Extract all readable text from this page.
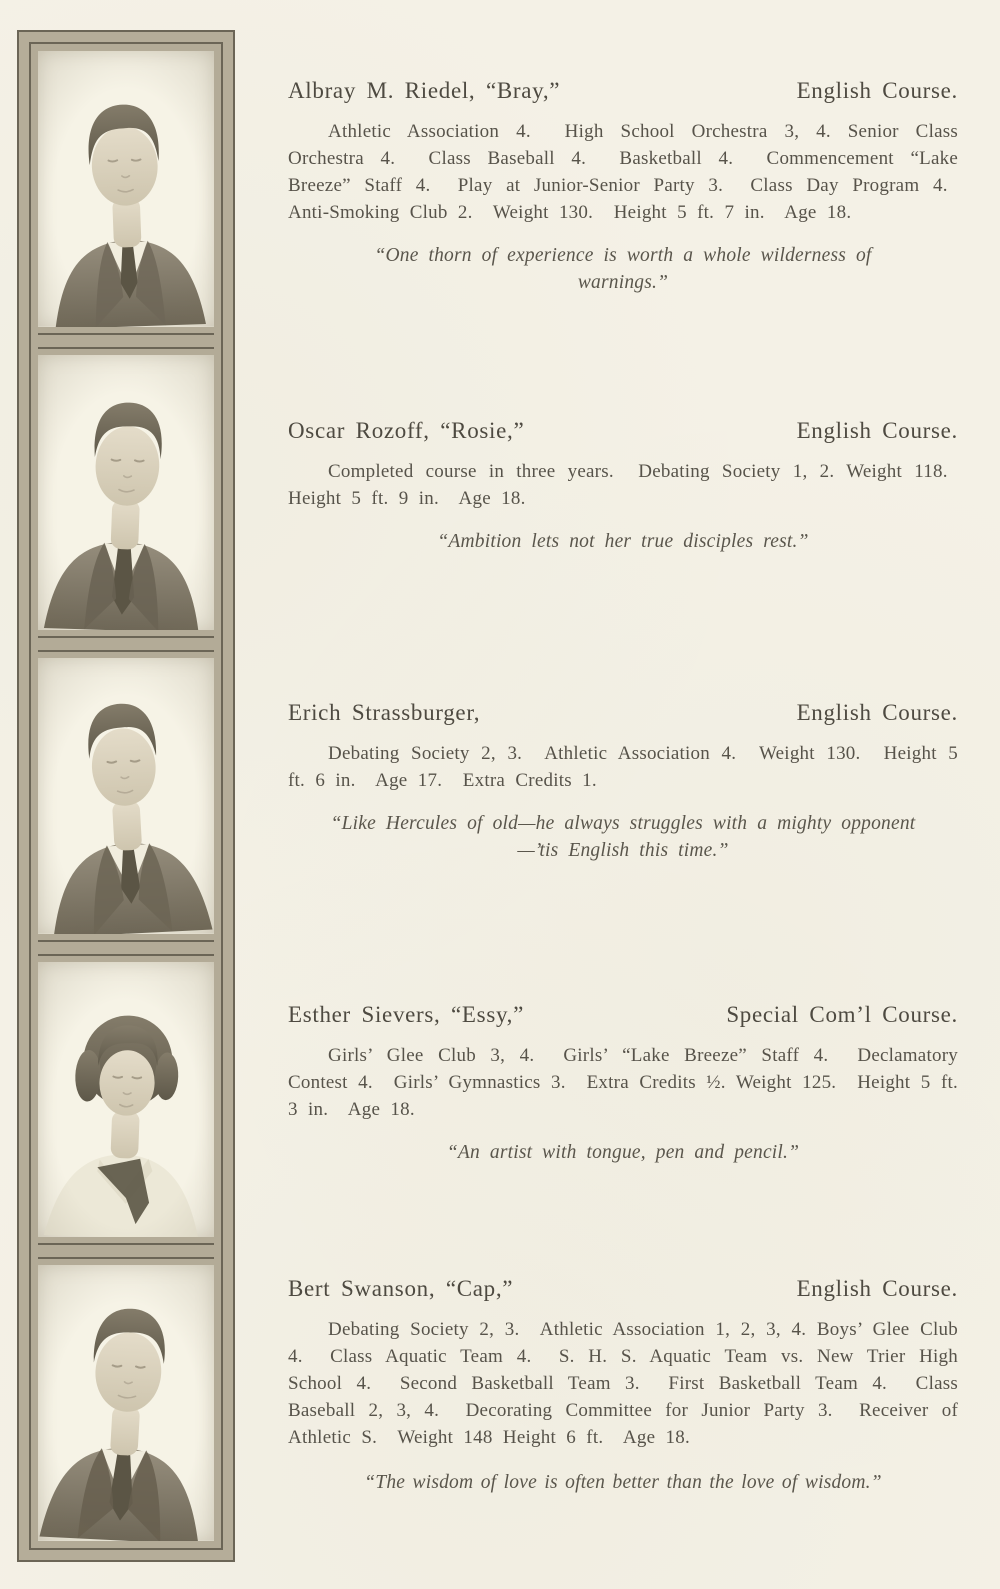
Albray M. Riedel, “Bray,”	English Course.

Athletic Association 4.  High School Orchestra 3, 4. Senior Class Orchestra 4.  Class Baseball 4.  Basketball 4.  Commencement “Lake Breeze” Staff 4.  Play at Junior-Senior Party 3.  Class Day Program 4.  Anti-Smoking Club 2.  Weight 130.  Height 5 ft. 7 in.  Age 18.

“One thorn of experience is worth a whole wilderness of warnings.”

Oscar Rozoff, “Rosie,”	English Course.

Completed course in three years.  Debating Society 1, 2. Weight 118.  Height 5 ft. 9 in.  Age 18.

“Ambition lets not her true disciples rest.”

Erich Strassburger,	English Course.

Debating Society 2, 3.  Athletic Association 4.  Weight 130.  Height 5 ft. 6 in.  Age 17.  Extra Credits 1.

“Like Hercules of old—he always struggles with a mighty opponent—’tis English this time.”

Esther Sievers, “Essy,”	Special Com’l Course.

Girls’ Glee Club 3, 4.  Girls’ “Lake Breeze” Staff 4.  Declamatory Contest 4.  Girls’ Gymnastics 3.  Extra Credits ½. Weight 125.  Height 5 ft. 3 in.  Age 18.

“An artist with tongue, pen and pencil.”

Bert Swanson, “Cap,”	English Course.

Debating Society 2, 3.  Athletic Association 1, 2, 3, 4. Boys’ Glee Club 4.  Class Aquatic Team 4.  S. H. S. Aquatic Team vs. New Trier High School 4.  Second Basketball Team 3.  First Basketball Team 4.  Class Baseball 2, 3, 4.  Decorating Committee for Junior Party 3.  Receiver of Athletic S.  Weight 148 Height 6 ft.  Age 18.

“The wisdom of love is often better than the love of wisdom.”
